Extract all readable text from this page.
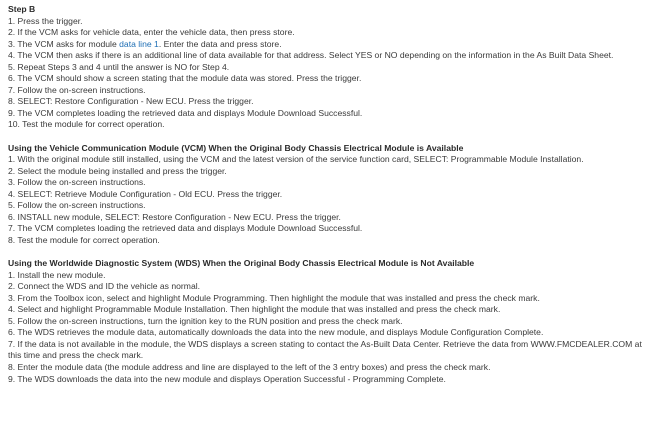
Step B
1. Press the trigger.
2. If the VCM asks for vehicle data, enter the vehicle data, then press store.
3. The VCM asks for module data line 1. Enter the data and press store.
4. The VCM then asks if there is an additional line of data available for that address. Select YES or NO depending on the information in the As Built Data Sheet.
5. Repeat Steps 3 and 4 until the answer is NO for Step 4.
6. The VCM should show a screen stating that the module data was stored. Press the trigger.
7. Follow the on-screen instructions.
8. SELECT: Restore Configuration - New ECU. Press the trigger.
9. The VCM completes loading the retrieved data and displays Module Download Successful.
10. Test the module for correct operation.
Using the Vehicle Communication Module (VCM) When the Original Body Chassis Electrical Module is Available
1. With the original module still installed, using the VCM and the latest version of the service function card, SELECT: Programmable Module Installation.
2. Select the module being installed and press the trigger.
3. Follow the on-screen instructions.
4. SELECT: Retrieve Module Configuration - Old ECU. Press the trigger.
5. Follow the on-screen instructions.
6. INSTALL new module, SELECT: Restore Configuration - New ECU. Press the trigger.
7. The VCM completes loading the retrieved data and displays Module Download Successful.
8. Test the module for correct operation.
Using the Worldwide Diagnostic System (WDS) When the Original Body Chassis Electrical Module is Not Available
1. Install the new module.
2. Connect the WDS and ID the vehicle as normal.
3. From the Toolbox icon, select and highlight Module Programming. Then highlight the module that was installed and press the check mark.
4. Select and highlight Programmable Module Installation. Then highlight the module that was installed and press the check mark.
5. Follow the on-screen instructions, turn the ignition key to the RUN position and press the check mark.
6. The WDS retrieves the module data, automatically downloads the data into the new module, and displays Module Configuration Complete.
7. If the data is not available in the module, the WDS displays a screen stating to contact the As-Built Data Center. Retrieve the data from WWW.FMCDEALER.COM at this time and press the check mark.
8. Enter the module data (the module address and line are displayed to the left of the 3 entry boxes) and press the check mark.
9. The WDS downloads the data into the new module and displays Operation Successful - Programming Complete.
